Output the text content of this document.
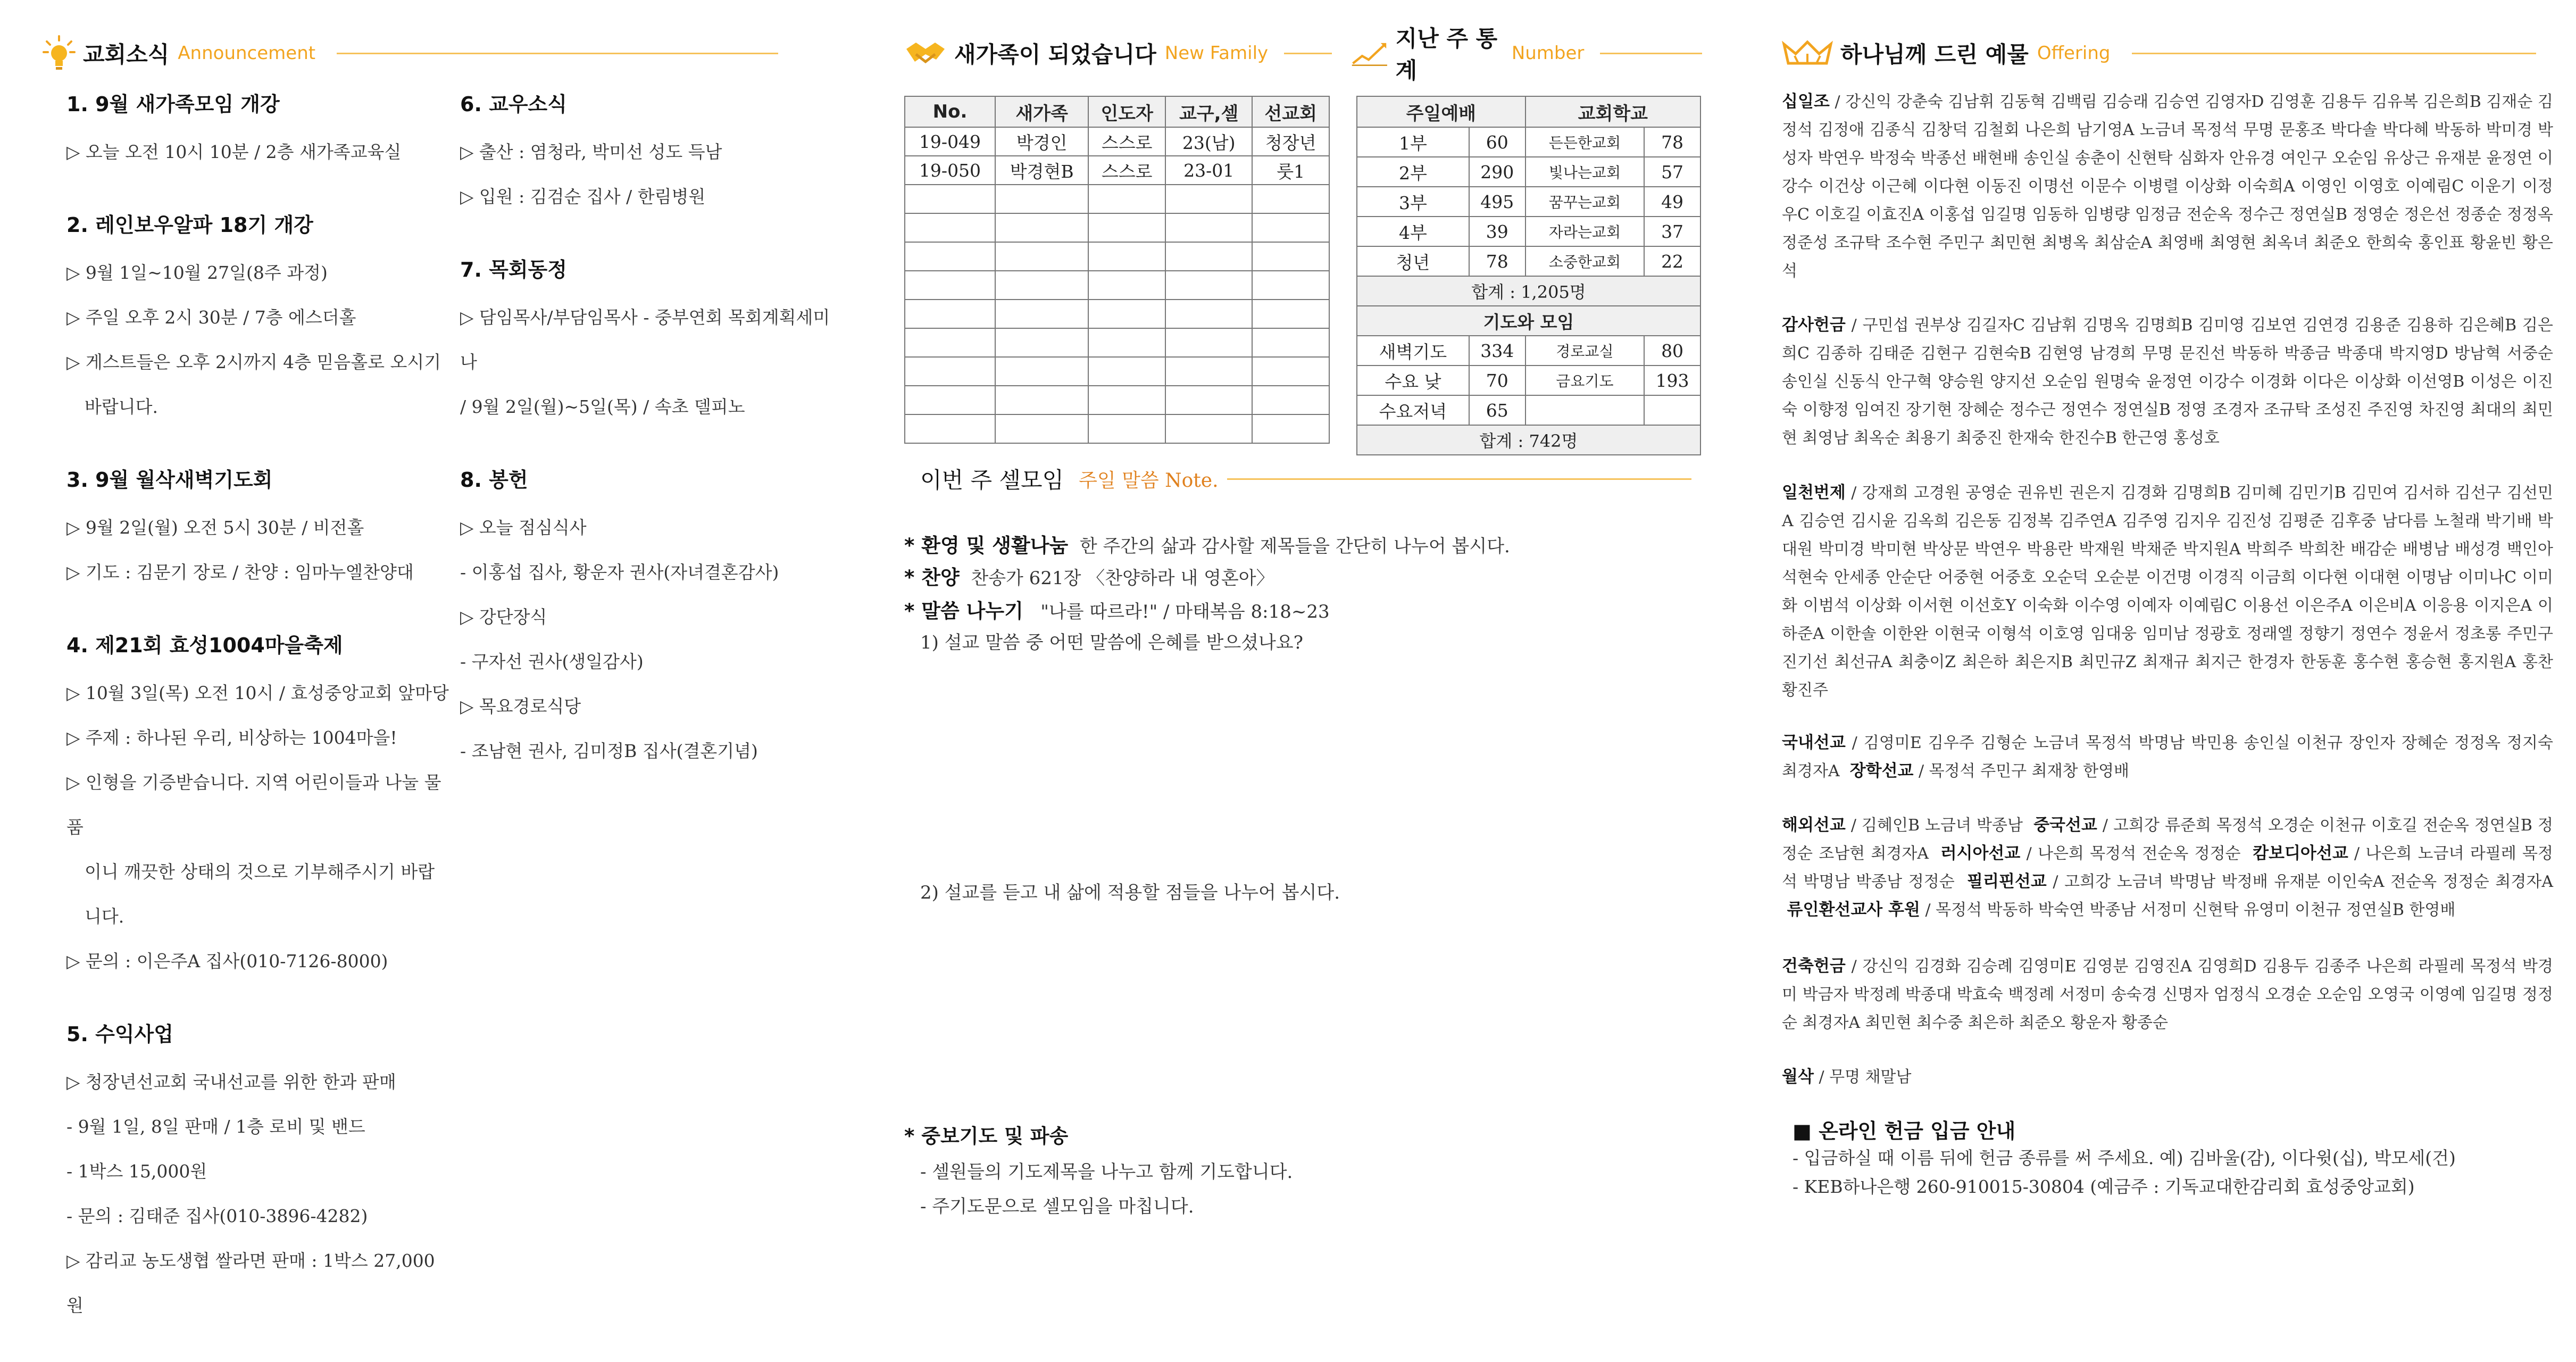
교회소식 Announcement
1. 9월 새가족모임 개강

▷ 오늘 오전 10시 10분 / 2층 새가족교육실

2. 레인보우알파 18기 개강

▷ 9월 1일~10월 27일(8주 과정)

▷ 주일 오후 2시 30분 / 7층 에스더홀

▷ 게스트들은 오후 2시까지 4층 믿음홀로 오시기

바랍니다.

3. 9월 월삭새벽기도회

▷ 9월 2일(월) 오전 5시 30분 / 비전홀

▷ 기도 : 김문기 장로 / 찬양 : 임마누엘찬양대

4. 제21회 효성1004마을축제

▷ 10월 3일(목) 오전 10시 / 효성중앙교회 앞마당

▷ 주제 : 하나된 우리, 비상하는 1004마을!

▷ 인형을 기증받습니다. 지역 어린이들과 나눌 물품

이니 깨끗한 상태의 것으로 기부해주시기 바랍니다.

▷ 문의 : 이은주A 집사(010-7126-8000)

5. 수익사업

▷ 청장년선교회 국내선교를 위한 한과 판매

- 9월 1일, 8일 판매 / 1층 로비 및 밴드

- 1박스 15,000원

- 문의 : 김태준 집사(010-3896-4282)

▷ 감리교 농도생협 쌀라면 판매 : 1박스 27,000원

6. 교우소식

▷ 출산 : 염청라, 박미선 성도 득남

▷ 입원 : 김검순 집사 / 한림병원

7. 목회동정

▷ 담임목사/부담임목사 - 중부연회 목회계획세미나

/ 9월 2일(월)~5일(목) / 속초 델피노

8. 봉헌

▷ 오늘 점심식사

- 이홍섭 집사, 황운자 권사(자녀결혼감사)

▷ 강단장식

- 구자선 권사(생일감사)

▷ 목요경로식당

- 조남현 권사, 김미정B 집사(결혼기념)

새가족이 되었습니다 New Family
지난 주 통계
Number
No.	새가족	인도자	교구,셀	선교회
19-049	박경인	스스로	23(남)	청장년
19-050	박경현B	스스로	23-01	룻1

주일예배		교회학교	
1부	60	든든한교회	78
2부	290	빛나는교회	57
3부	495	꿈꾸는교회	49
4부	39	자라는교회	37
청년	78	소중한교회	22
합계 : 1,205명			
기도와 모임			
새벽기도	334	경로교실	80
수요 낮	70	금요기도	193
수요저녁	65		
합계 : 742명			
이번 주 셀모임 주일 말씀 Note.
* 환영 및 생활나눔 한 주간의 삶과 감사할 제목들을 간단히 나누어 봅시다.
* 찬양 찬송가 621장 〈찬양하라 내 영혼아〉
* 말씀 나누기 "나를 따르라!" / 마태복음 8:18~23
1) 설교 말씀 중 어떤 말씀에 은혜를 받으셨나요?
2) 설교를 듣고 내 삶에 적용할 점들을 나누어 봅시다.
* 중보기도 및 파송
- 셀원들의 기도제목을 나누고 함께 기도합니다.
- 주기도문으로 셀모임을 마칩니다.
하나님께 드린 예물 Offering
십일조 / 강신익 강춘숙 김남휘 김동혁 김백림 김승래 김승연 김영자D 김영훈 김용두 김유복 김은희B 김재순 김정석 김정애 김종식 김창덕 김철회 나은희 남기영A 노금녀 목정석 무명 문홍조 박다솔 박다혜 박동하 박미경 박성자 박연우 박정숙 박종선 배현배 송인실 송춘이 신현탁 심화자 안유경 여인구 오순임 유상근 유재분 윤정연 이강수 이건상 이근혜 이다현 이동진 이명선 이문수 이병렬 이상화 이숙희A 이영인 이영호 이예림C 이운기 이정우C 이호길 이효진A 이홍섭 임길명 임동하 임병량 임정금 전순옥 정수근 정연실B 정영순 정은선 정종순 정정옥 정준성 조규탁 조수현 주민구 최민현 최병옥 최삼순A 최영배 최영현 최옥녀 최준오 한희숙 홍인표 황윤빈 황은석
감사헌금 / 구민섭 권부상 김길자C 김남휘 김명옥 김명희B 김미영 김보연 김연경 김용준 김용하 김은혜B 김은희C 김종하 김태준 김현구 김현숙B 김현영 남경희 무명 문진선 박동하 박종금 박종대 박지영D 방남혁 서중순 송인실 신동식 안구혁 양승원 양지선 오순임 원명숙 윤정연 이강수 이경화 이다은 이상화 이선영B 이성은 이진숙 이향정 임여진 장기현 장혜순 정수근 정연수 정연실B 정영 조경자 조규탁 조성진 주진영 차진영 최대의 최민현 최영남 최옥순 최용기 최중진 한재숙 한진수B 한근영 홍성호
일천번제 / 강재희 고경원 공영순 권유빈 권은지 김경화 김명희B 김미혜 김민기B 김민여 김서하 김선구 김선민A 김승연 김시윤 김옥희 김은동 김정복 김주연A 김주영 김지우 김진성 김평준 김후중 남다름 노철래 박기배 박대원 박미경 박미현 박상문 박연우 박용란 박재원 박채준 박지원A 박희주 박희찬 배감순 배병남 배성경 백인아 석현숙 안세종 안순단 어중현 어중호 오순덕 오순분 이건명 이경직 이금희 이다현 이대현 이명남 이미나C 이미화 이범석 이상화 이서현 이선호Y 이숙화 이수영 이예자 이예림C 이용선 이은주A 이은비A 이응용 이지은A 이하준A 이한솔 이한완 이현국 이형석 이호영 임대웅 임미남 정광호 정래엘 정향기 정연수 정윤서 정초롱 주민구 진기선 최선규A 최충이Z 최은하 최은지B 최민규Z 최재규 최지근 한경자 한동훈 홍수현 홍승현 홍지원A 홍찬 황진주
국내선교 / 김영미E 김우주 김형순 노금녀 목정석 박명남 박민용 송인실 이천규 장인자 장혜순 정정옥 정지숙 최경자A 장학선교 / 목정석 주민구 최재창 한영배
해외선교 / 김혜인B 노금녀 박종남 중국선교 / 고희강 류준희 목정석 오경순 이천규 이호길 전순옥 정연실B 정정순 조남현 최경자A 러시아선교 / 나은희 목정석 전순옥 정정순 캄보디아선교 / 나은희 노금녀 라필레 목정석 박명남 박종남 정정순 필리핀선교 / 고희강 노금녀 박명남 박정배 유재분 이인숙A 전순옥 정정순 최경자A  류인환선교사 후원 / 목정석 박동하 박숙연 박종남 서정미 신현탁 유영미 이천규 정연실B 한영배
건축헌금 / 강신익 김경화 김승례 김영미E 김영분 김영진A 김영희D 김용두 김종주 나은희 라필레 목정석 박경미 박금자 박정례 박종대 박효숙 백정례 서정미 송숙경 신명자 엄정식 오경순 오순임 오영국 이영예 임길명 정정순 최경자A 최민현 최수중 최은하 최준오 황운자 황종순
월삭 / 무명 채말남
■ 온라인 헌금 입금 안내
- 입금하실 때 이름 뒤에 헌금 종류를 써 주세요. 예) 김바울(감), 이다윗(십), 박모세(건)
- KEB하나은행 260-910015-30804 (예금주 : 기독교대한감리회 효성중앙교회)
